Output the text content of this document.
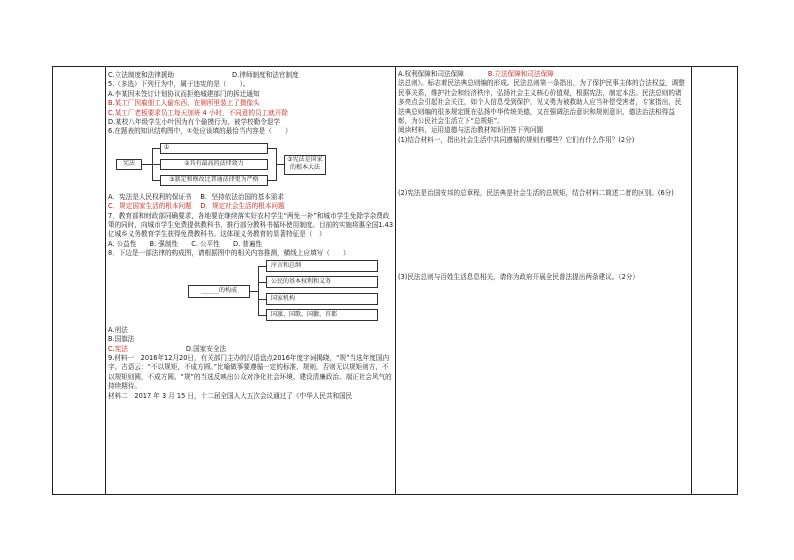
C.立法制度和法律援助	D.律师制度和法官制度
5.（多选）下列行为中，属于违宪的是（　　）。
A.李某因未签订计划协议而拒绝城建部门的拆迁通知
B.某工厂因雇佃工人偷东西，在厕所里装上了摄像头
C.某工厂老板要求员工每天加班 4 小时，不同意的员工就开除
D.某校八年级学生小叶因为有个偷摸行为，被学校勒令退学
6.在题表的知识结构图中，①处应该填的最恰当内容是（　　）
宪法
①
②具有最高的法律效力
③制定和修改比普通法律更为严格
③宪法是国家的根本大法
A．宪法是人民权利的保证书　 B．坚持依法治国的基本需求
C．规定国家生活的根本问题　 D．规定社会生活的根本问题
7．教育部和财政部同确要求，各地要在继续落实好农村学生“两免一补”和城市学生免除学杂费政策的同时，向城市学生免费提供教科书，推行部分教科书循环使用制度。目前的实施将惠全国1.43亿城乡义务教育学生获得免费教科书。这体现义务教育的显著特征是（　）
A. 公益性　　B. 强制性　　C. 公平性　　D. 普遍性
8．下边是一部法律的构成图，请根据图中的相关内容推测，横线上应填写（　　）
______的构成
序言和总纲
公民的基本权利和义务
国家机构
国旗、国歌、国徽、首都
A.刑法
B.国旗法
C.宪法	D.国家安全法
9.材料一　2016年12月20日，有关部门主办的汉语盘点2016年度字词揭晓，“规”当选年度国内字。古语云：“不以规矩，不成方圆。”比喻做事要遵循一定的标准、规则，否则无以规矩则方，不以规矩则圆，不成方圆。“规”的当选反映出公众对净化社会环境、建设清廉政治、端正社会风气的持续期待。
材料二　2017 年 3 月 15 日，十二届全国人大五次会议通过了《中华人民共和国民
A.权利保障和司法保障	B.立法保障和司法保障
法总则》。标志着民法典总则编的形成。民法总则第一条指出，为了保护民事主体的合法权益，调整民事关系，维护社会和经济秩序，弘扬社会主义核心价值观，根据宪法，制定本法。民法总则的诸多亮点会引起社会关注，如个人信息受到保护，见义勇为被救助人应当补偿受害者，专家指出，民法典总则编的很多规定既在弘扬中华传统美德，又在强调法治意识和规则意识，德法治法相得益彰，为公民社会生活立下“总规矩”。
阅读材料，运用道德与法治教材知识回答下列问题
(1)结合材料一，指出社会生活中共同遵循的规则有哪些？它们有什么作用？(2分)
(2)宪法是治国安邦的总章程，民法典是社会生活的总规矩，结合材料二简述二者的区别。(6分)
(3)民法总则与百姓生活息息相关，请你为政府开展全民普法提出两条建议。（2分）
